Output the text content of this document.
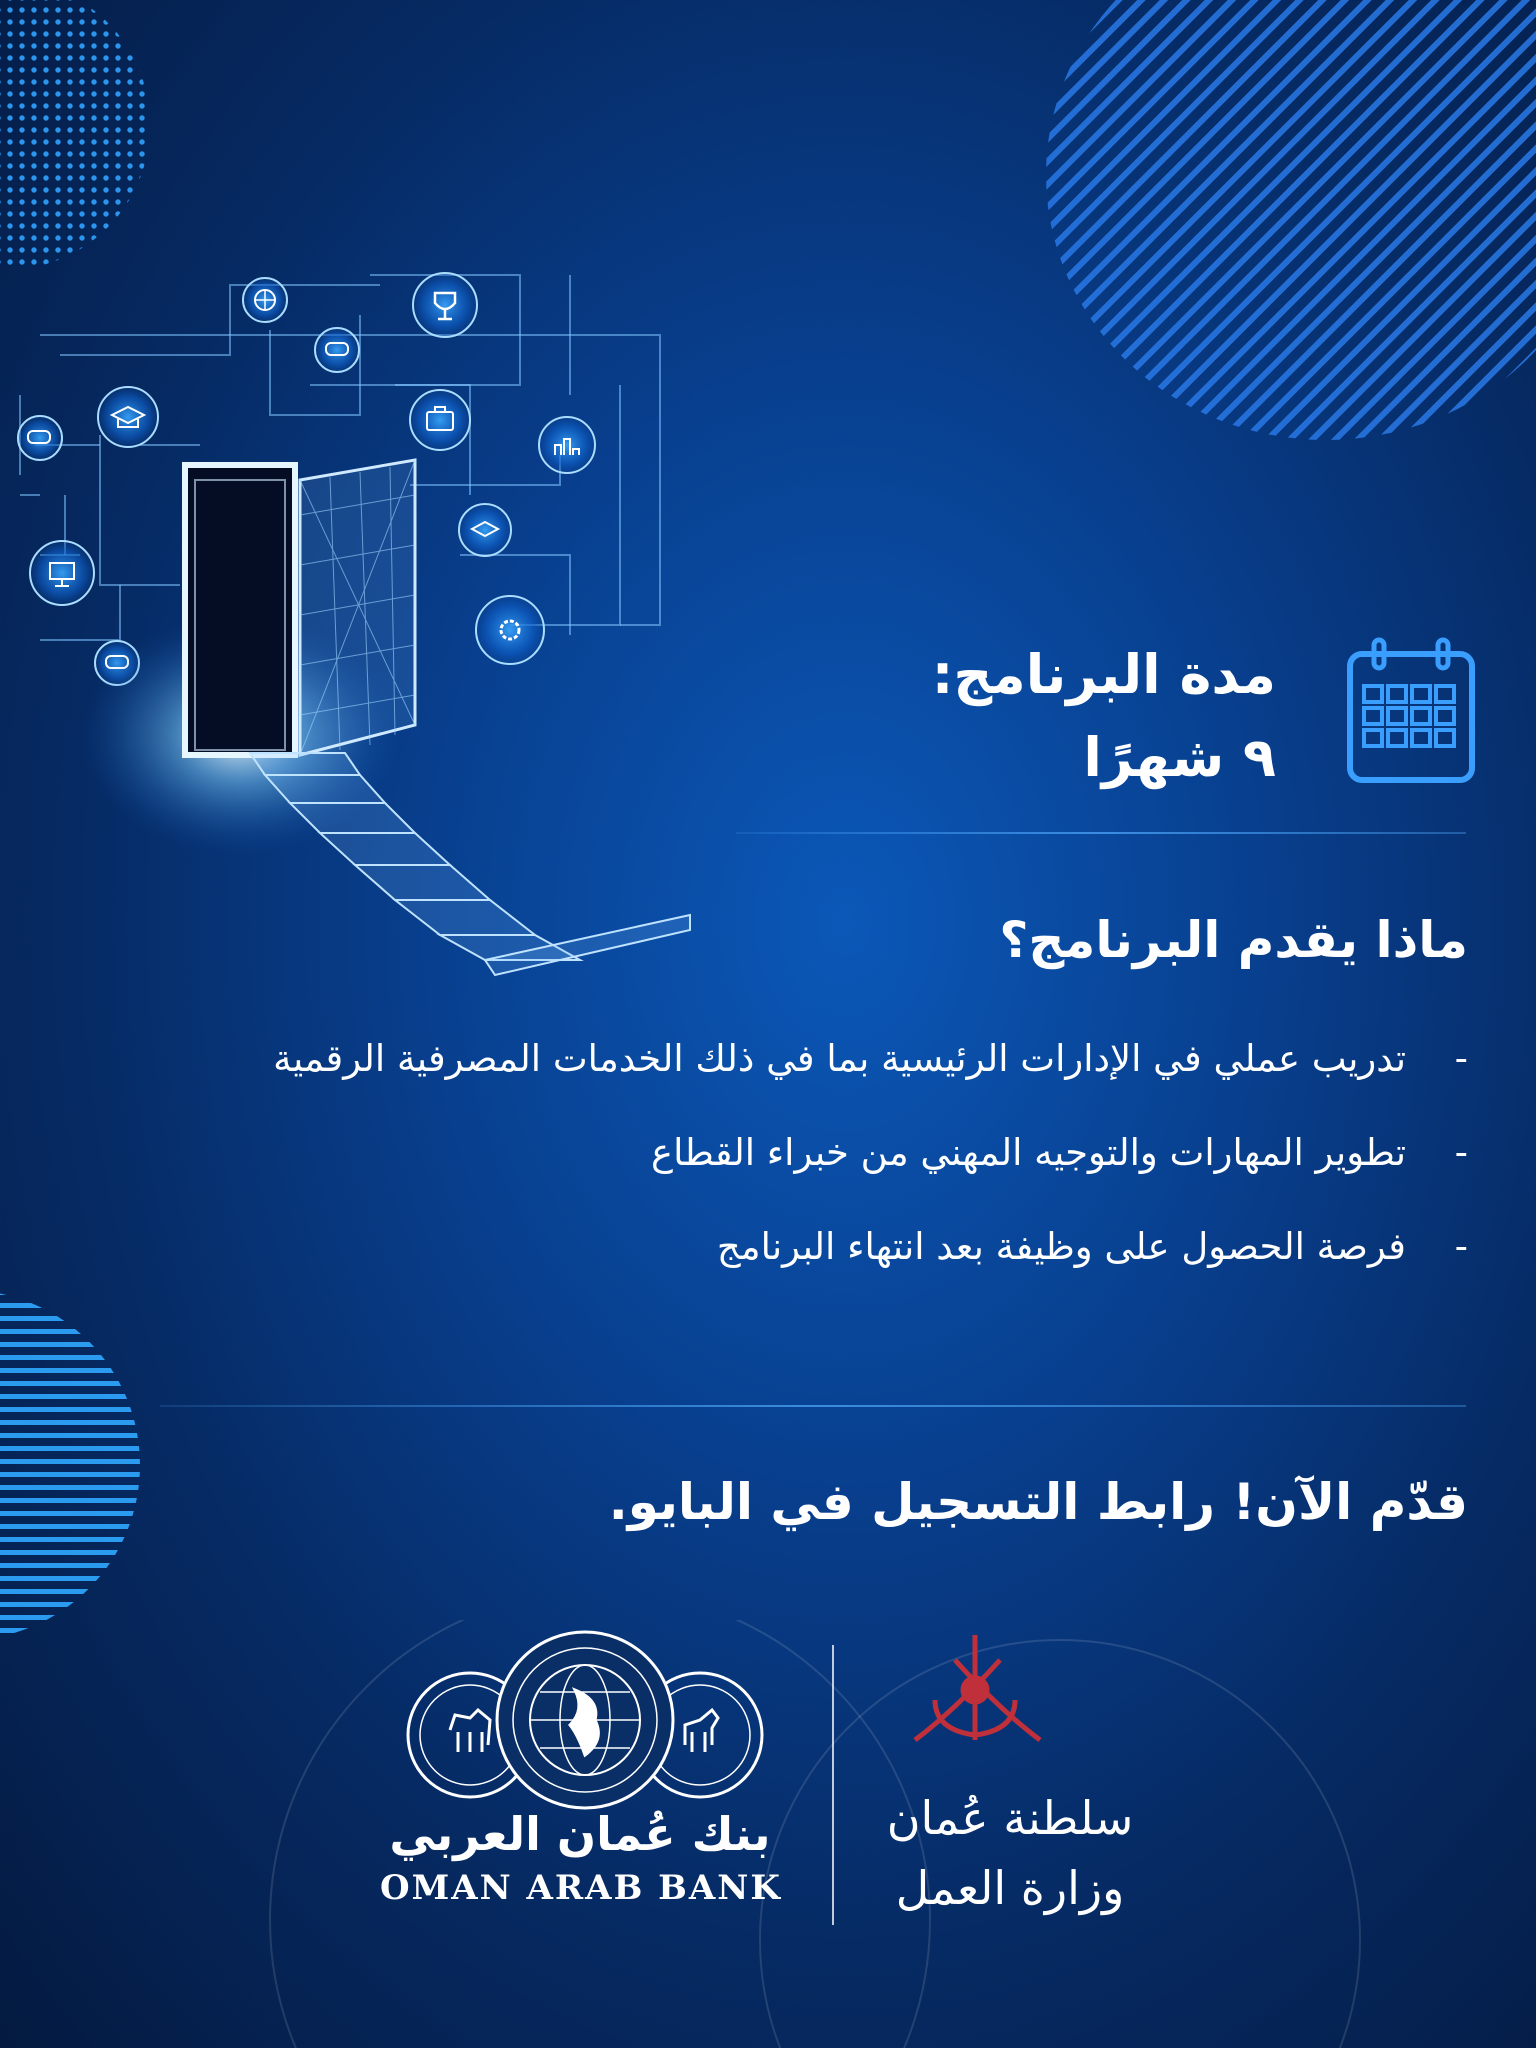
مدة البرنامج:
٩ شهرًا
ماذا يقدم البرنامج؟
-
تدريب عملي في الإدارات الرئيسية بما في ذلك الخدمات المصرفية الرقمية
-
تطوير المهارات والتوجيه المهني من خبراء القطاع
-
فرصة الحصول على وظيفة بعد انتهاء البرنامج
قدّم الآن! رابط التسجيل في البايو.
بنك عُمان العربي
OMAN ARAB BANK
سلطنة عُمان
وزارة العمل
